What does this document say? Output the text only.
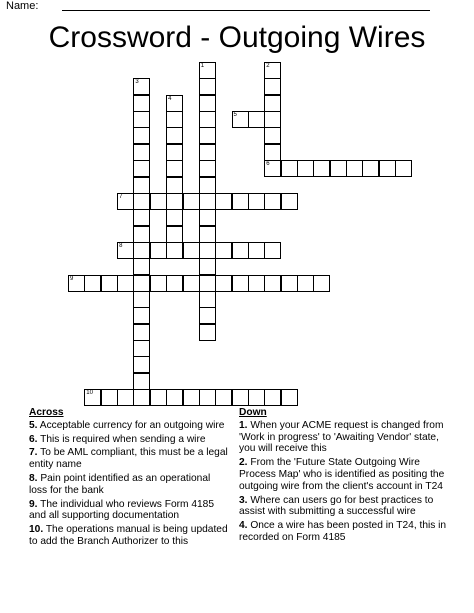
Name:
Crossword - Outgoing Wires
1	2
6
3
4
5
7
8
9
10
Across
5. Acceptable currency for an outgoing wire
6. This is required when sending a wire
7. To be AML compliant, this must be a legal entity name
8. Pain point identified as an operational loss for the bank
9. The individual who reviews Form 4185 and all supporting documentation
10. The operations manual is being updated to add the Branch Authorizer to this
Down
1. When your ACME request is changed from 'Work in progress' to 'Awaiting Vendor' state, you will receive this
2. From the 'Future State Outgoing Wire Process Map' who is identified as positing the outgoing wire from the client's account in T24
3. Where can users go for best practices to assist with submitting a successful wire
4. Once a wire has been posted in T24, this in recorded on Form 4185
